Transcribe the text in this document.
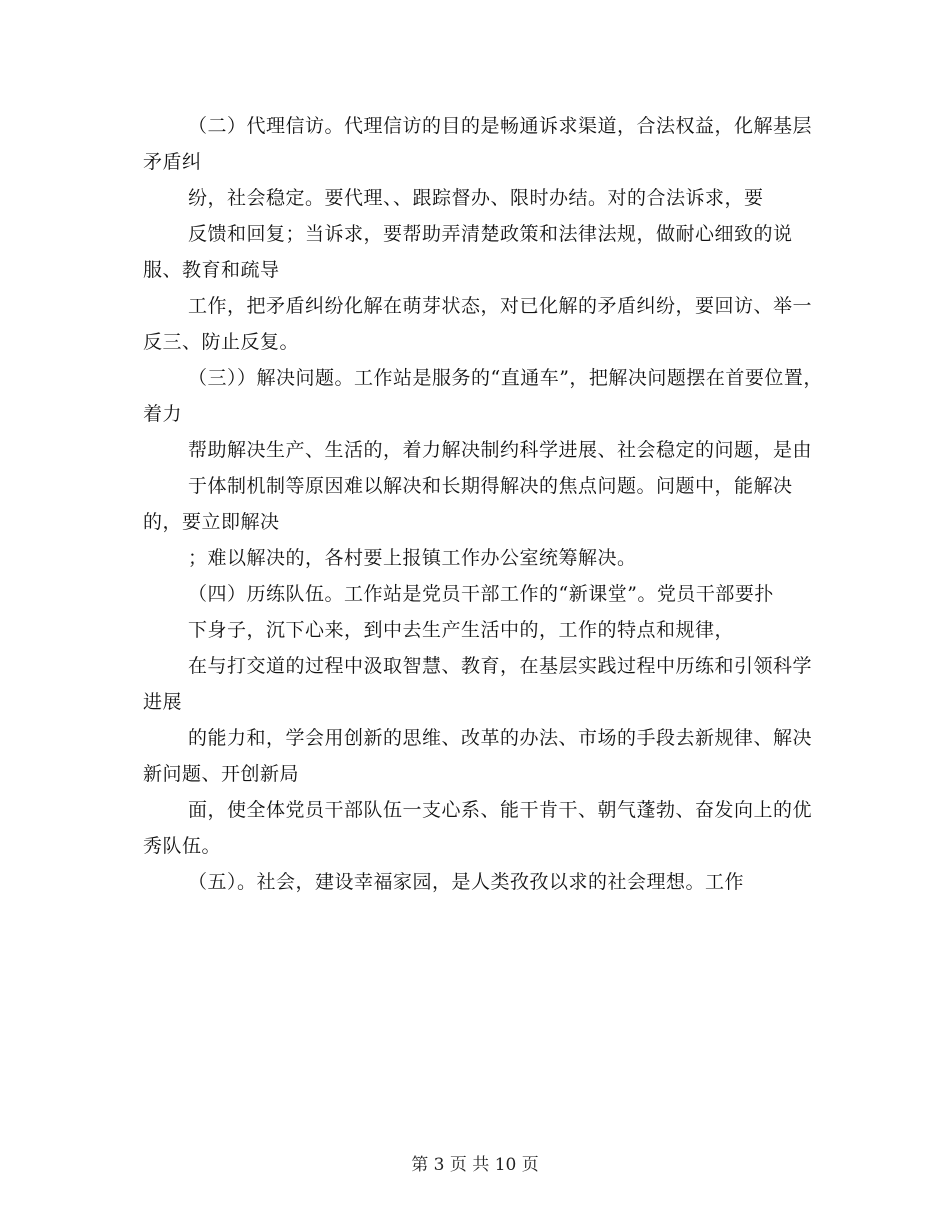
（二）代理信访。代理信访的目的是畅通诉求渠道，合法权益，化解基层矛盾纠

纷，社会稳定。要代理、、跟踪督办、限时办结。对的合法诉求，要

反馈和回复；当诉求，要帮助弄清楚政策和法律法规，做耐心细致的说服、教育和疏导

工作，把矛盾纠纷化解在萌芽状态，对已化解的矛盾纠纷，要回访、举一反三、防止反复。

（三））解决问题。工作站是服务的“直通车”，把解决问题摆在首要位置，着力

帮助解决生产、生活的，着力解决制约科学进展、社会稳定的问题，是由

于体制机制等原因难以解决和长期得解决的焦点问题。问题中，能解决的，要立即解决

；难以解决的，各村要上报镇工作办公室统筹解决。

（四）历练队伍。工作站是党员干部工作的“新课堂”。党员干部要扑

下身子，沉下心来，到中去生产生活中的，工作的特点和规律，

在与打交道的过程中汲取智慧、教育，在基层实践过程中历练和引领科学进展

的能力和，学会用创新的思维、改革的办法、市场的手段去新规律、解决新问题、开创新局

面，使全体党员干部队伍一支心系、能干肯干、朝气蓬勃、奋发向上的优秀队伍。

（五）。社会，建设幸福家园，是人类孜孜以求的社会理想。工作

第 3 页 共 10 页
